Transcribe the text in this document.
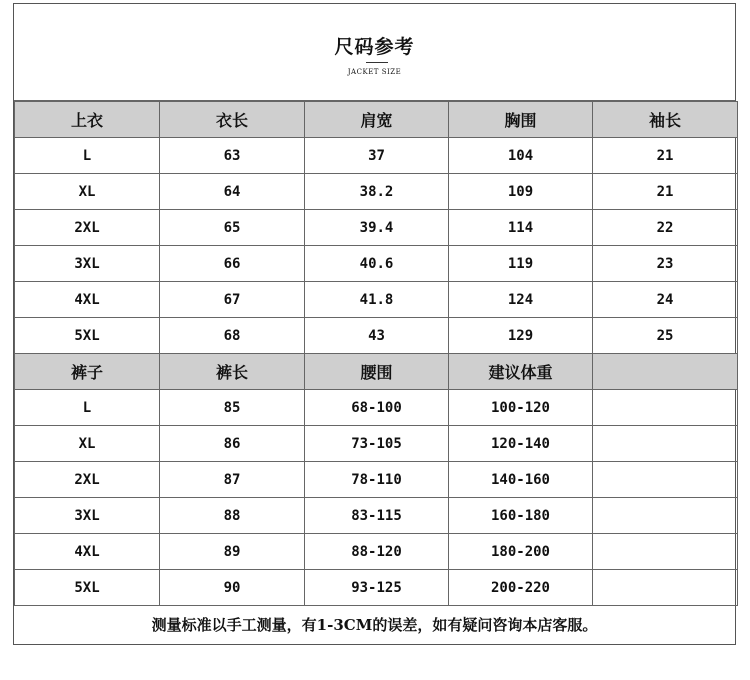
尺码参考
JACKET SIZE
上衣	衣长	肩宽	胸围	袖长
L	63	37	104	21
XL	64	38.2	109	21
2XL	65	39.4	114	22
3XL	66	40.6	119	23
4XL	67	41.8	124	24
5XL	68	43	129	25
裤子	裤长	腰围	建议体重	
L	85	68-100	100-120	
XL	86	73-105	120-140	
2XL	87	78-110	140-160	
3XL	88	83-115	160-180	
4XL	89	88-120	180-200	
5XL	90	93-125	200-220	
测量标准以手工测量，有1-3CM的误差，如有疑问咨询本店客服。
